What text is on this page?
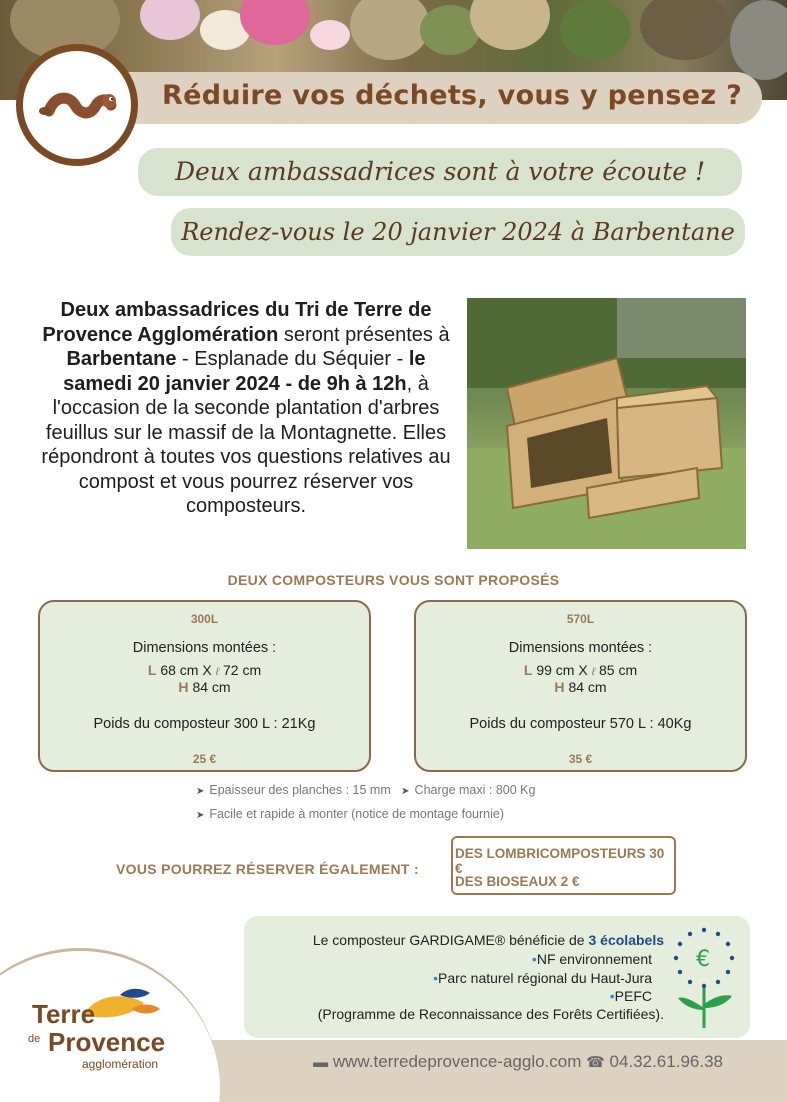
Réduire vos déchets, vous y pensez ?
Deux ambassadrices sont à votre écoute !
Rendez-vous le 20 janvier 2024 à Barbentane
Deux ambassadrices du Tri de Terre de Provence Agglomération seront présentes à Barbentane - Esplanade du Séquier - le samedi 20 janvier 2024 - de 9h à 12h, à l'occasion de la seconde plantation d'arbres feuillus sur le massif de la Montagnette. Elles répondront à toutes vos questions relatives au compost et vous pourrez réserver vos composteurs.
DEUX COMPOSTEURS VOUS SONT PROPOSÉS
300L
Dimensions montées :
L 68 cm X ℓ 72 cm
H 84 cm
Poids du composteur 300 L : 21Kg
25 €
570L
Dimensions montées :
L 99 cm X ℓ 85 cm
H 84 cm
Poids du composteur 570 L : 40Kg
35 €
➤ Epaisseur des planches : 15 mm ➤ Charge maxi : 800 Kg
➤ Facile et rapide à monter (notice de montage fournie)
VOUS POURREZ RÉSERVER ÉGALEMENT :
DES LOMBRICOMPOSTEURS 30 €
DES BIOSEAUX 2 €
Le composteur GARDIGAME® bénéficie de 3 écolabels
•NF environnement
•Parc naturel régional du Haut-Jura
•PEFC
(Programme de Reconnaissance des Forêts Certifiées).
€
Terre
de Provence
agglomération	▬ www.terredeprovence-agglo.com ☎ 04.32.61.96.38
